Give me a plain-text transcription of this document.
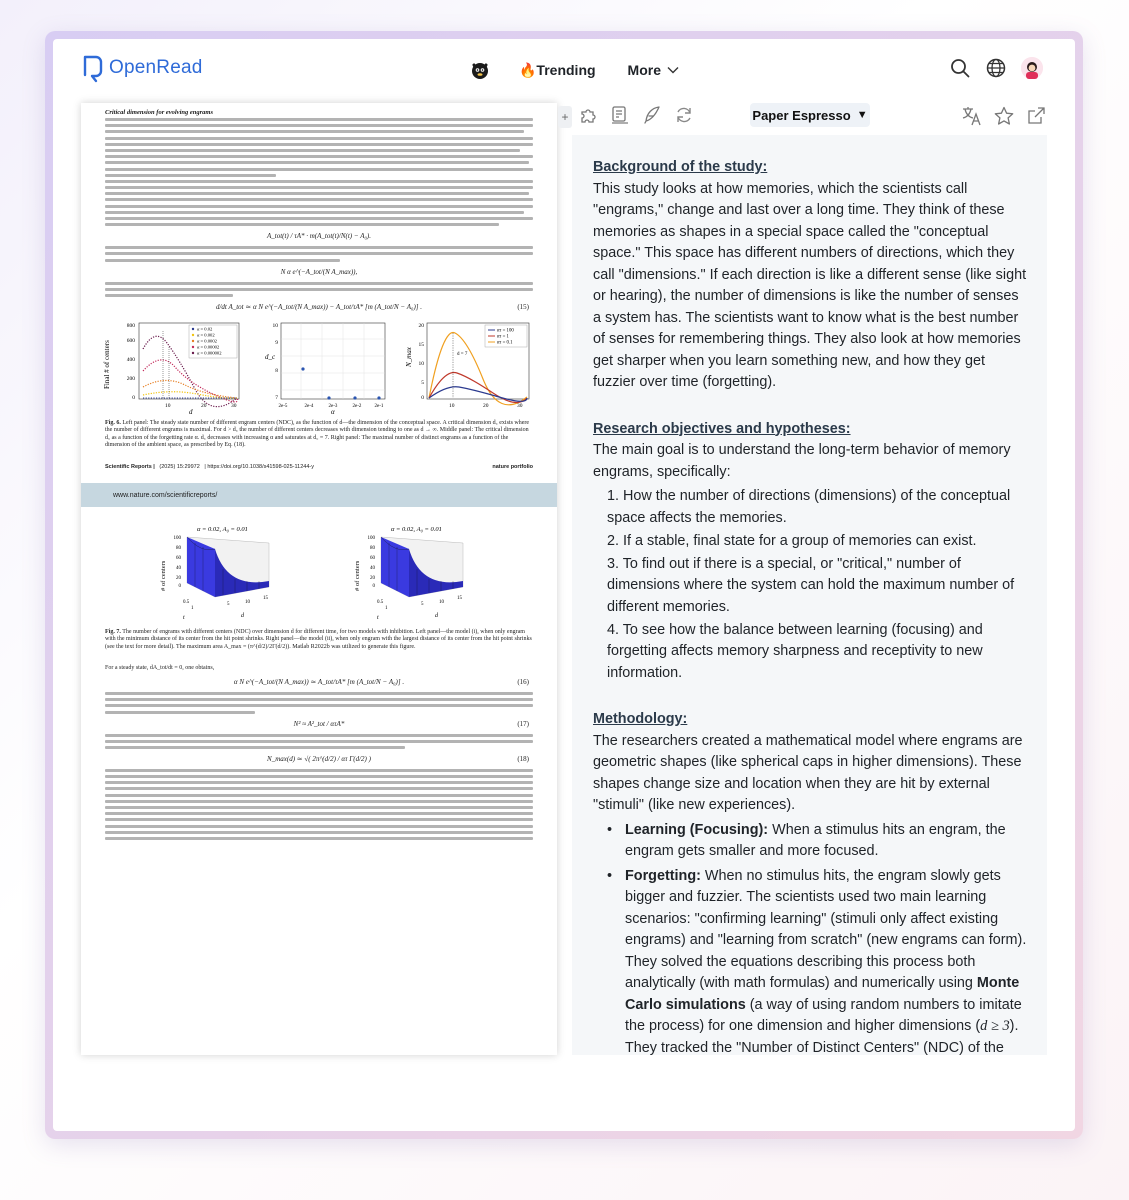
OpenRead	🔥Trending More
Critical dimension for evolving engrams
A_tot(t) / τA* · m(A_tot(t)/N(t) − A₀).
N α e^(−A_tot/(N A_max)),
d/dt A_tot ≃ α N e^(−A_tot/(N A_max)) − A_tot/τA* [m (A_tot/N − A₀)] .	(15)
Final # of centers
800
600
400
200
0
10	20	30
d
α = 0.02
α = 0.002
α = 0.0002
α = 0.00002
α = 0.000002	d_c
10
9
8
7
2e-5	2e-4	2e-3	2e-2	2e-1
α
N_max
20
15
10
5
0
10	20	30
d = 7
ατ = 100
ατ = 1
ατ = 0.1
Fig. 6. Left panel: The steady state number of different engram centers (NDC), as the function of d—the dimension of the conceptual space. A critical dimension d꜀ exists where the number of different engrams is maximal. For d > d꜀ the number of different centers decreases with dimension tending to one as d → ∞. Middle panel: The critical dimension d꜀ as a function of the forgetting rate α. d꜀ decreases with increasing α and saturates at d꜀ = 7. Right panel: The maximal number of distinct engrams as a function of the dimension of the ambient space, as prescribed by Eq. (18).
Scientific Reports | (2025) 15:29972 | https://doi.org/10.1038/s41598-025-11244-y	nature portfolio
www.nature.com/scientificreports/
α = 0.02, A₀ = 0.01
# of centers
100
80
60
40
20
0
0.5
1
t
5	10
15
d
α = 0.02, A₀ = 0.01
# of centers
100
80
60
40
20
0
0.5
1
t
5	10
15
d
Fig. 7. The number of engrams with different centers (NDC) over dimension d for different time, for two models with inhibition. Left panel—the model (i), when only engram with the minimum distance of its center from the hit point shrinks. Right panel—the model (ii), when only engram with the largest distance of its center from the hit point shrinks (see the text for more detail). The maximum area A_max = (π^(d/2)/2Γ(d/2)). Matlab R2022b was utilized to generate this figure.
For a steady state, dA_tot/dt = 0, one obtains,
α N e^(−A_tot/(N A_max)) ≃ A_tot/τA* [m (A_tot/N − A₀)] .	(16)
N² ≈ A²_tot / ατA*	(17)
N_max(d) ≃ √( 2π^(d/2) / ατ Γ(d/2) )	(18)
+	Paper Espresso ▼
Background of the study:
This study looks at how memories, which the scientists call "engrams," change and last over a long time. They think of these memories as shapes in a special space called the "conceptual space." This space has different numbers of directions, which they call "dimensions." If each direction is like a different sense (like sight or hearing), the number of dimensions is like the number of senses a system has. The scientists want to know what is the best number of senses for remembering things. They also look at how memories get sharper when you learn something new, and how they get fuzzier over time (forgetting).
Research objectives and hypotheses:
The main goal is to understand the long-term behavior of memory engrams, specifically:
1. How the number of directions (dimensions) of the conceptual space affects the memories.
2. If a stable, final state for a group of memories can exist.
3. To find out if there is a special, or "critical," number of dimensions where the system can hold the maximum number of different memories.
4. To see how the balance between learning (focusing) and forgetting affects memory sharpness and receptivity to new information.
Methodology:
The researchers created a mathematical model where engrams are geometric shapes (like spherical caps in higher dimensions). These shapes change size and location when they are hit by external "stimuli" (like new experiences).
• Learning (Focusing): When a stimulus hits an engram, the engram gets smaller and more focused.
• Forgetting: When no stimulus hits, the engram slowly gets bigger and fuzzier. The scientists used two main learning scenarios: "confirming learning" (stimuli only affect existing engrams) and "learning from scratch" (new engrams can form). They solved the equations describing this process both analytically (with math formulas) and numerically using Monte Carlo simulations (a way of using random numbers to imitate the process) for one dimension and higher dimensions (d ≥ 3).
They tracked the "Number of Distinct Centers" (NDC) of the
